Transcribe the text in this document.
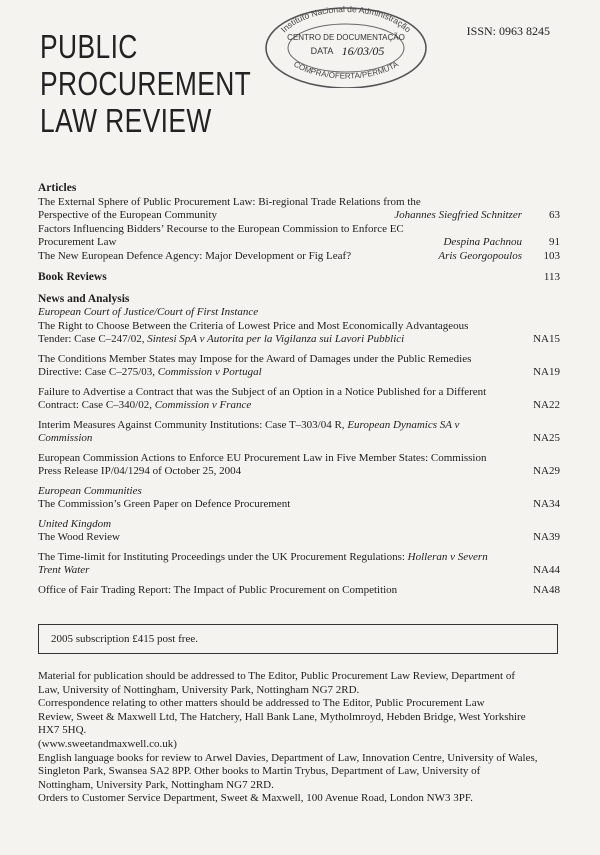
PUBLIC
PROCUREMENT
LAW REVIEW
ISSN: 0963 8245
Instituto Nacional de Administração
CENTRO DE DOCUMENTAÇÃO
DATA 16/03/05
COMPRA/OFERTA/PERMUTA
Articles
The External Sphere of Public Procurement Law: Bi-regional Trade Relations from the
Perspective of the European Community	Johannes Siegfried Schnitzer 63
Factors Influencing Bidders’ Recourse to the European Commission to Enforce EC
Procurement Law	Despina Pachnou 91
The New European Defence Agency: Major Development or Fig Leaf?	Aris Georgopoulos 103
Book Reviews	113
News and Analysis
European Court of Justice/Court of First Instance
The Right to Choose Between the Criteria of Lowest Price and Most Economically Advantageous
Tender: Case C–247/02, Sintesi SpA v Autorita per la Vigilanza sui Lavori Pubblici	NA15
The Conditions Member States may Impose for the Award of Damages under the Public Remedies
Directive: Case C–275/03, Commission v Portugal	NA19
Failure to Advertise a Contract that was the Subject of an Option in a Notice Published for a Different
Contract: Case C–340/02, Commission v France	NA22
Interim Measures Against Community Institutions: Case T–303/04 R, European Dynamics SA v
Commission	NA25
European Commission Actions to Enforce EU Procurement Law in Five Member States: Commission
Press Release IP/04/1294 of October 25, 2004	NA29
European Communities
The Commission’s Green Paper on Defence Procurement	NA34
United Kingdom
The Wood Review	NA39
The Time-limit for Instituting Proceedings under the UK Procurement Regulations: Holleran v Severn
Trent Water	NA44
Office of Fair Trading Report: The Impact of Public Procurement on Competition	NA48
2005 subscription £415 post free.
Material for publication should be addressed to The Editor, Public Procurement Law Review, Department of
Law, University of Nottingham, University Park, Nottingham NG7 2RD.
Correspondence relating to other matters should be addressed to The Editor, Public Procurement Law
Review, Sweet & Maxwell Ltd, The Hatchery, Hall Bank Lane, Mytholmroyd, Hebden Bridge, West Yorkshire
HX7 5HQ.
(www.sweetandmaxwell.co.uk)
English language books for review to Arwel Davies, Department of Law, Innovation Centre, University of Wales,
Singleton Park, Swansea SA2 8PP. Other books to Martin Trybus, Department of Law, University of
Nottingham, University Park, Nottingham NG7 2RD.
Orders to Customer Service Department, Sweet & Maxwell, 100 Avenue Road, London NW3 3PF.
